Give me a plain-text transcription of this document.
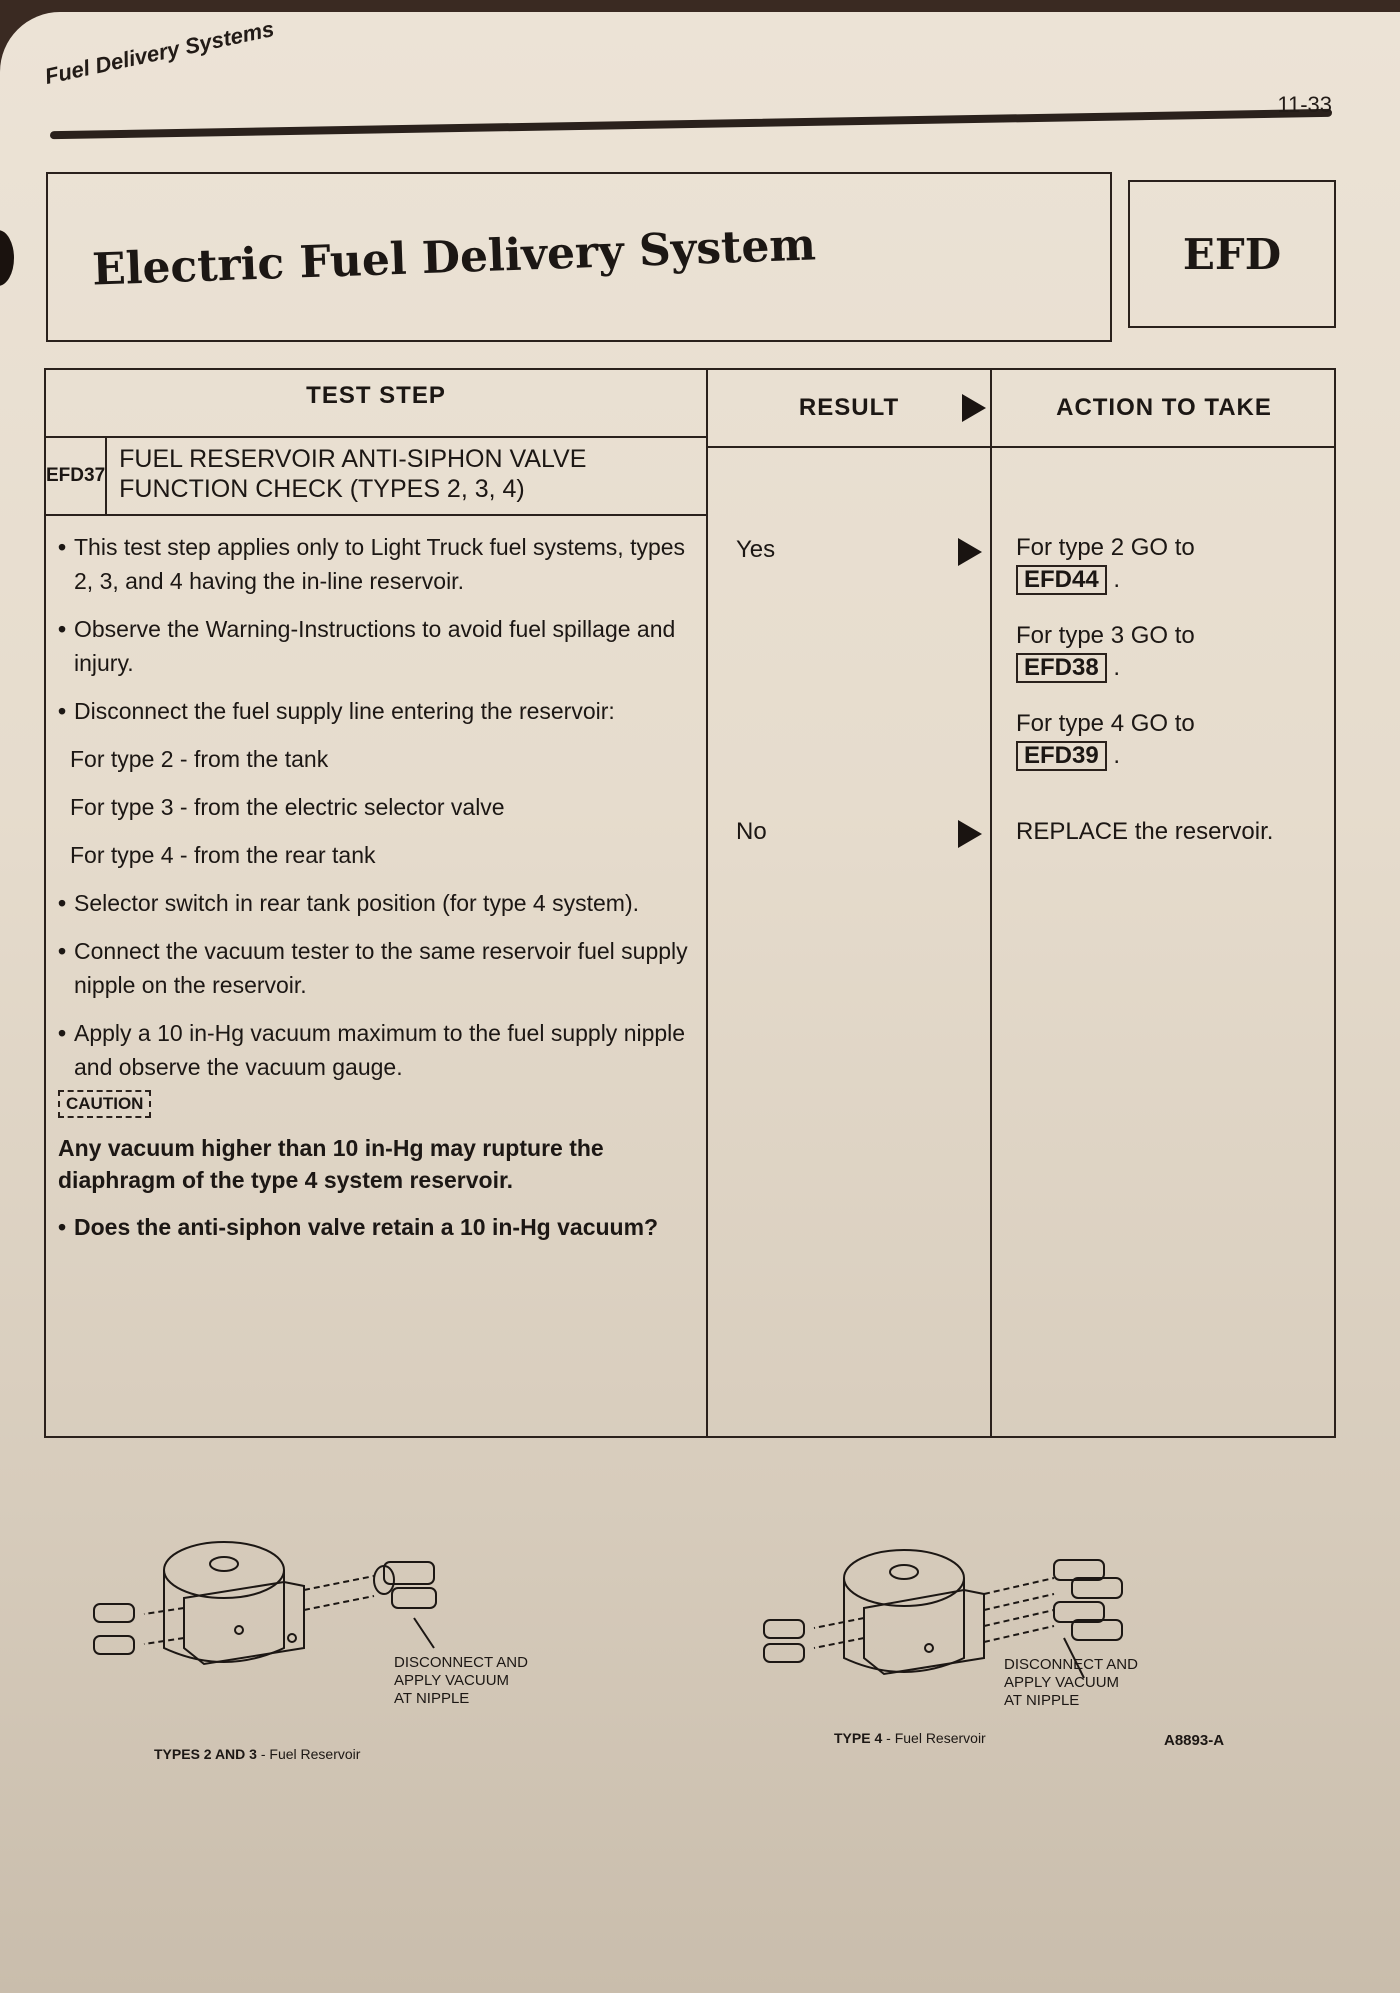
Fuel Delivery Systems
11-33
Electric Fuel Delivery System	EFD
TEST STEP	RESULT	ACTION TO TAKE
EFD37
FUEL RESERVOIR ANTI-SIPHON VALVE FUNCTION CHECK (TYPES 2, 3, 4)
• This test step applies only to Light Truck fuel systems, types 2, 3, and 4 having the in-line reservoir.
• Observe the Warning-Instructions to avoid fuel spillage and injury.
• Disconnect the fuel supply line entering the reservoir:
For type 2 - from the tank
For type 3 - from the electric selector valve
For type 4 - from the rear tank
• Selector switch in rear tank position (for type 4 system).
• Connect the vacuum tester to the same reservoir fuel supply nipple on the reservoir.
• Apply a 10 in-Hg vacuum maximum to the fuel supply nipple and observe the vacuum gauge.
CAUTION
Any vacuum higher than 10 in-Hg may rupture the diaphragm of the type 4 system reservoir.
• Does the anti-siphon valve retain a 10 in-Hg vacuum?
Yes	For type 2 GO to
EFD44 .
For type 3 GO to
EFD38 .
For type 4 GO to
EFD39 .
No	REPLACE the reservoir.
DISCONNECT AND
APPLY VACUUM
AT NIPPLE
TYPES 2 AND 3 - Fuel Reservoir
DISCONNECT AND
APPLY VACUUM
AT NIPPLE
TYPE 4 - Fuel Reservoir	A8893-A
